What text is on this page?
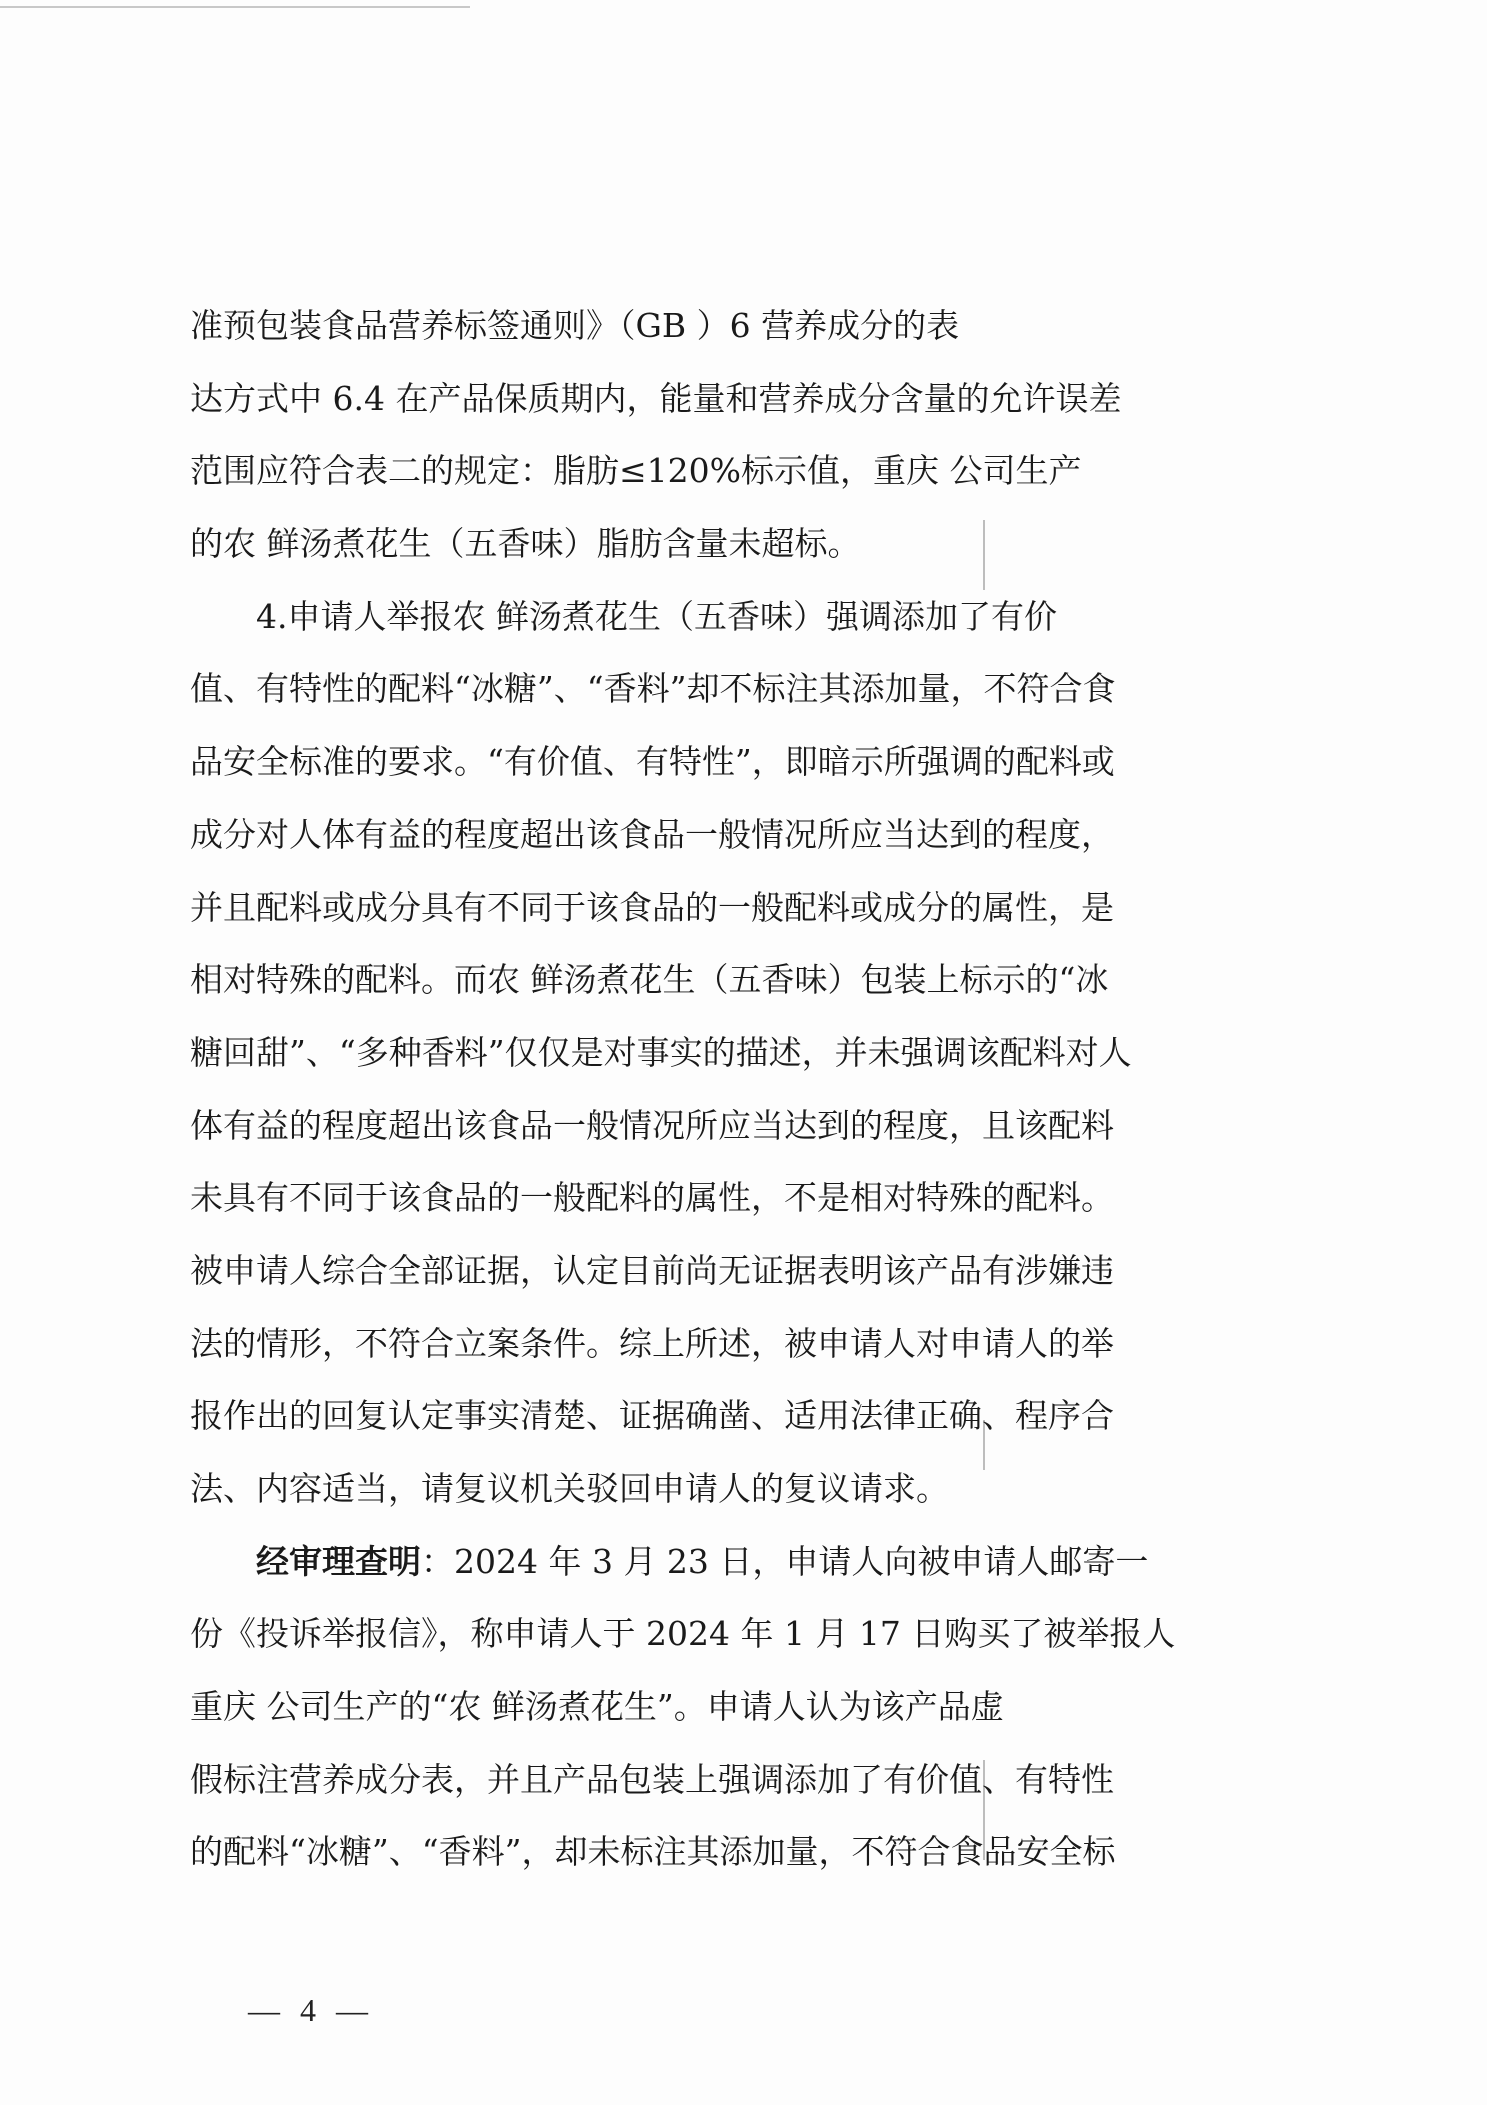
准预包装食品营养标签通则》（GB ）6 营养成分的表
达方式中 6.4 在产品保质期内，能量和营养成分含量的允许误差
范围应符合表二的规定：脂肪≤120%标示值，重庆 公司生产
的农 鲜汤煮花生（五香味）脂肪含量未超标。
4.申请人举报农 鲜汤煮花生（五香味）强调添加了有价
值、有特性的配料“冰糖”、“香料”却不标注其添加量，不符合食
品安全标准的要求。“有价值、有特性”，即暗示所强调的配料或
成分对人体有益的程度超出该食品一般情况所应当达到的程度，
并且配料或成分具有不同于该食品的一般配料或成分的属性，是
相对特殊的配料。而农 鲜汤煮花生（五香味）包装上标示的“冰
糖回甜”、“多种香料”仅仅是对事实的描述，并未强调该配料对人
体有益的程度超出该食品一般情况所应当达到的程度，且该配料
未具有不同于该食品的一般配料的属性，不是相对特殊的配料。
被申请人综合全部证据，认定目前尚无证据表明该产品有涉嫌违
法的情形，不符合立案条件。综上所述，被申请人对申请人的举
报作出的回复认定事实清楚、证据确凿、适用法律正确、程序合
法、内容适当，请复议机关驳回申请人的复议请求。
经审理查明：2024 年 3 月 23 日，申请人向被申请人邮寄一
份《投诉举报信》，称申请人于 2024 年 1 月 17 日购买了被举报人
重庆 公司生产的“农 鲜汤煮花生”。申请人认为该产品虚
假标注营养成分表，并且产品包装上强调添加了有价值、有特性
的配料“冰糖”、“香料”，却未标注其添加量，不符合食品安全标
— 4 —
